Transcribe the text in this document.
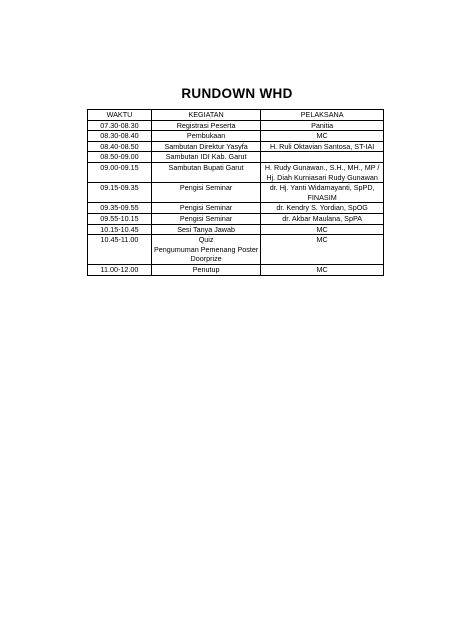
RUNDOWN WHD
WAKTU	KEGIATAN	PELAKSANA
07.30-08.30	Registrasi Peserta	Panitia

08.30-08.40	Pembukaan	MC

08.40-08.50	Sambutan Direktur Yasyfa	H. Ruli Oktavian Santosa, ST-IAI

08.50-09.00	Sambutan IDI Kab. Garut	

09.00-09.15	Sambutan Bupati Garut	H. Rudy Gunawan., S.H., MH., MP /
Hj. Diah Kurniasari Rudy Gunawan

09.15-09.35	Pengisi Seminar	dr. Hj. Yanti Widamayanti, SpPD,
FINASIM

09.35-09.55	Pengisi Seminar	dr. Kendry S. Yordian, SpOG

09.55-10.15	Pengisi Seminar	dr. Akbar Maulana, SpPA

10.15-10.45	Sesi Tanya Jawab	MC

10.45-11.00	Quiz
Pengumuman Pemenang Poster
Doorprize	MC

11.00-12.00	Penutup	MC
